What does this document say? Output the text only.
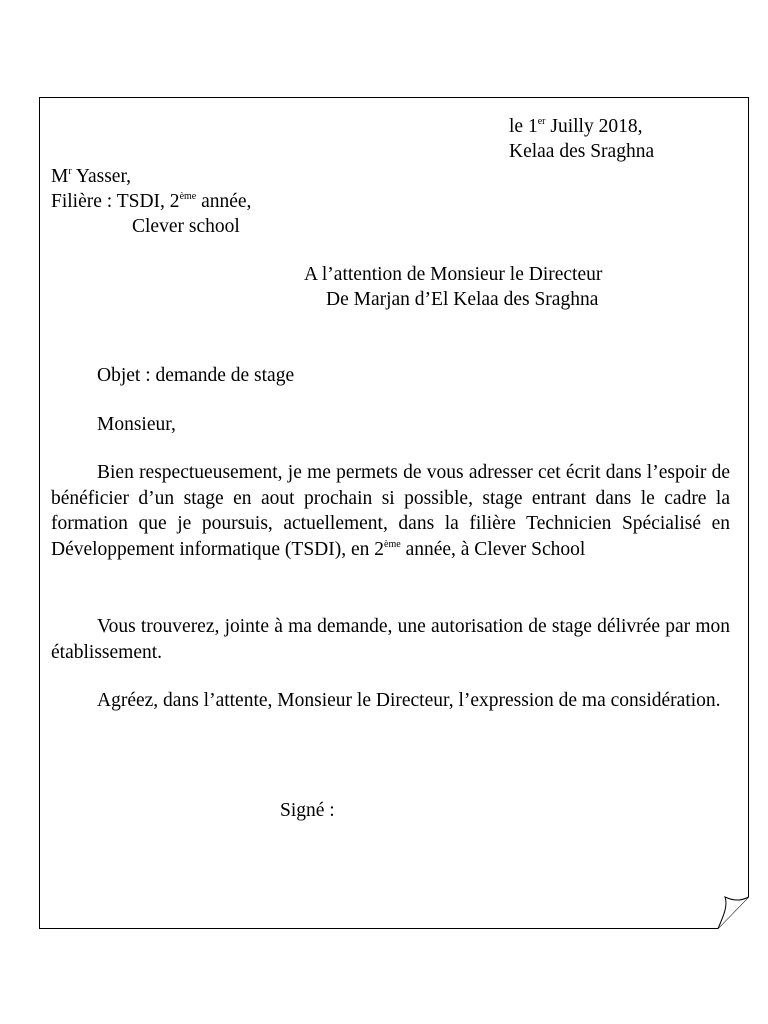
le 1er Juilly 2018,
Kelaa des Sraghna
$M^r$ Yasser,
Filière : TSDI, 2ème année,
Clever school
A l’attention de Monsieur le Directeur
De Marjan d’El Kelaa des Sraghna
Objet : demande de stage
Monsieur,

Bien respectueusement, je me permets de vous adresser cet écrit dans l’espoir de bénéficier d’un stage en aout prochain si possible, stage entrant dans le cadre la formation que je poursuis, actuellement, dans la filière Technicien Spécialisé en Développement informatique (TSDI), en 2ème année, à Clever School

Vous trouverez, jointe à ma demande, une autorisation de stage délivrée par mon établissement.

Agréez, dans l’attente, Monsieur le Directeur, l’expression de ma considération.

Signé :
